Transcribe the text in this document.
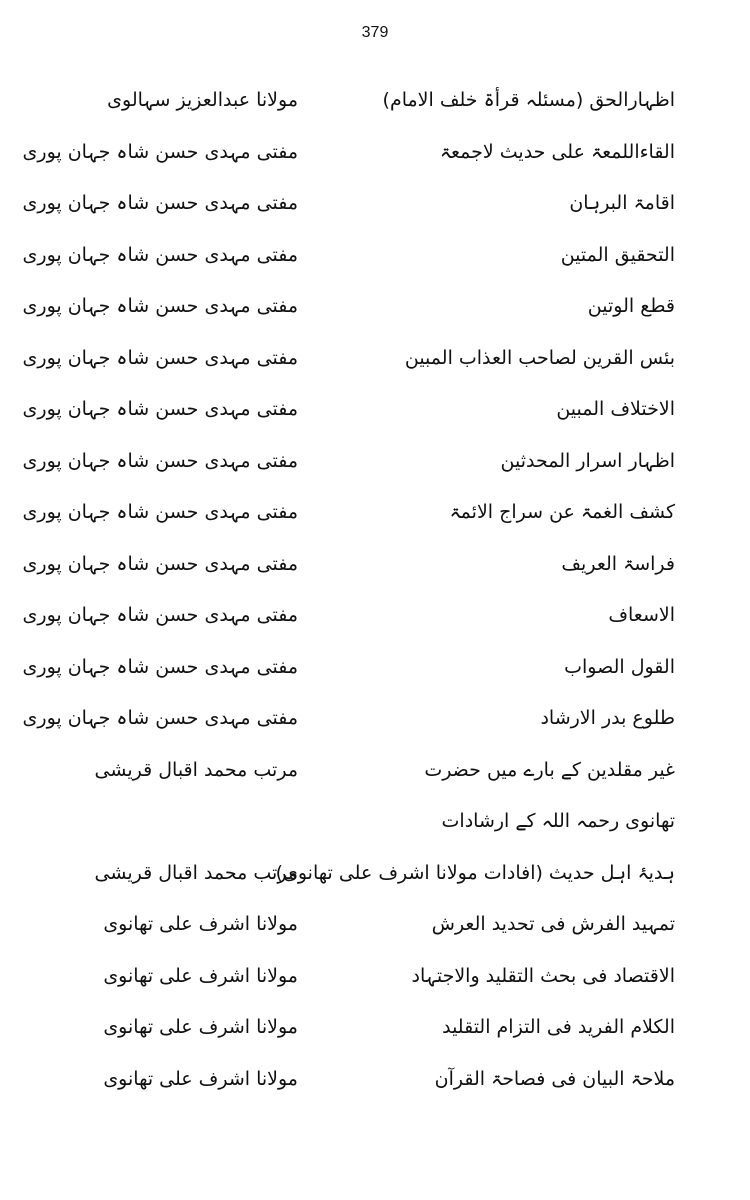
379
اظہارالحق (مسئلہ قرأۃ خلف الامام)
مولانا عبدالعزیز سہالوی
القاءاللمعۃ علی حدیث لاجمعۃ
مفتی مہدی حسن شاہ جہان پوری
اقامۃ البرہان
مفتی مہدی حسن شاہ جہان پوری
التحقیق المتین
مفتی مہدی حسن شاہ جہان پوری
قطع الوتین
مفتی مہدی حسن شاہ جہان پوری
بئس القرین لصاحب العذاب المبین
مفتی مہدی حسن شاہ جہان پوری
الاختلاف المبین
مفتی مہدی حسن شاہ جہان پوری
اظہار اسرار المحدثین
مفتی مہدی حسن شاہ جہان پوری
کشف الغمۃ عن سراج الائمۃ
مفتی مہدی حسن شاہ جہان پوری
فراسۃ العریف
مفتی مہدی حسن شاہ جہان پوری
الاسعاف
مفتی مہدی حسن شاہ جہان پوری
القول الصواب
مفتی مہدی حسن شاہ جہان پوری
طلوع بدر الارشاد
مفتی مہدی حسن شاہ جہان پوری
غیر مقلدین کے بارے میں حضرت
مرتب محمد اقبال قریشی
تھانوی رحمہ اللہ کے ارشادات
ہدیۂ اہل حدیث (افادات مولانا اشرف علی تھانوی)
مرتب محمد اقبال قریشی
تمہید الفرش فی تحدید العرش
مولانا اشرف علی تھانوی
الاقتصاد فی بحث التقلید والاجتہاد
مولانا اشرف علی تھانوی
الکلام الفرید فی التزام التقلید
مولانا اشرف علی تھانوی
ملاحۃ البیان فی فصاحۃ القرآن
مولانا اشرف علی تھانوی
